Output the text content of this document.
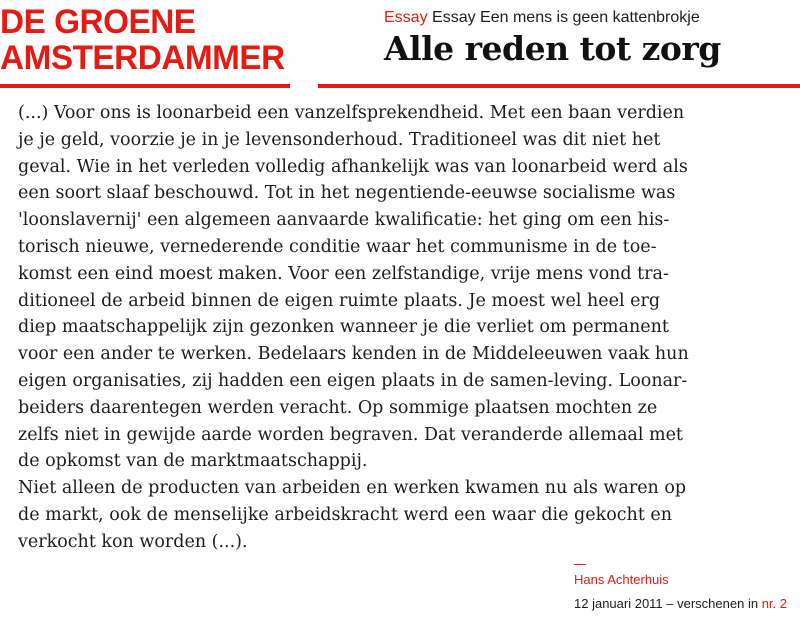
DE GROENE
AMSTERDAMMER
Essay Essay Een mens is geen kattenbrokje
Alle reden tot zorg

(...) Voor ons is loonarbeid een vanzelfsprekendheid. Met een baan verdien
je je geld, voorzie je in je levensonderhoud. Traditioneel was dit niet het
geval. Wie in het verleden volledig afhankelijk was van loonarbeid werd als
een soort slaaf beschouwd. Tot in het negentiende-eeuwse socialisme was
'loonslavernij' een algemeen aanvaarde kwalificatie: het ging om een his-
torisch nieuwe, vernederende conditie waar het communisme in de toe-
komst een eind moest maken. Voor een zelfstandige, vrije mens vond tra-
ditioneel de arbeid binnen de eigen ruimte plaats. Je moest wel heel erg
diep maatschappelijk zijn gezonken wanneer je die verliet om permanent
voor een ander te werken. Bedelaars kenden in de Middeleeuwen vaak hun
eigen organisaties, zij hadden een eigen plaats in de samen-leving. Loonar-
beiders daarentegen werden veracht. Op sommige plaatsen mochten ze
zelfs niet in gewijde aarde worden begraven. Dat veranderde allemaal met
de opkomst van de marktmaatschappij.

Niet alleen de producten van arbeiden en werken kwamen nu als waren op
de markt, ook de menselijke arbeidskracht werd een waar die gekocht en
verkocht kon worden (...).

Hans Achterhuis
12 januari 2011 – verschenen in nr. 2
